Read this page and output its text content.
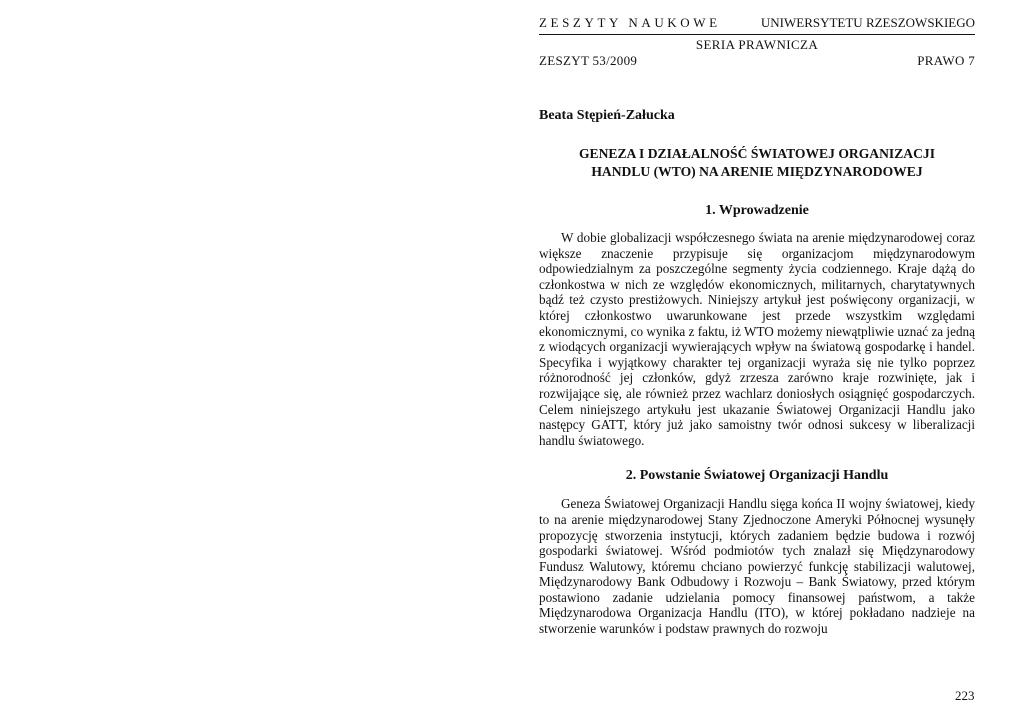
ZESZYTY NAUKOWE	UNIWERSYTETU RZESZOWSKIEGO
SERIA PRAWNICZA
ZESZYT 53/2009	PRAWO 7
Beata Stępień-Załucka
GENEZA I DZIAŁALNOŚĆ ŚWIATOWEJ ORGANIZACJI
HANDLU (WTO) NA ARENIE MIĘDZYNARODOWEJ
1. Wprowadzenie

W dobie globalizacji współczesnego świata na arenie międzynarodowej coraz większe znaczenie przypisuje się organizacjom międzynarodowym odpowiedzialnym za poszczególne segmenty życia codziennego. Kraje dążą do członkostwa w nich ze względów ekonomicznych, militarnych, charytatywnych bądź też czysto prestiżowych. Niniejszy artykuł jest poświęcony organizacji, w której członkostwo uwarunkowane jest przede wszystkim względami ekonomicznymi, co wynika z faktu, iż WTO możemy niewątpliwie uznać za jedną z wiodących organizacji wywierających wpływ na światową gospodarkę i handel. Specyfika i wyjątkowy charakter tej organizacji wyraża się nie tylko poprzez różnorodność jej członków, gdyż zrzesza zarówno kraje rozwinięte, jak i rozwijające się, ale również przez wachlarz doniosłych osiągnięć gospodarczych. Celem niniejszego artykułu jest ukazanie Światowej Organizacji Handlu jako następcy GATT, który już jako samoistny twór odnosi sukcesy w liberalizacji handlu światowego.

2. Powstanie Światowej Organizacji Handlu

Geneza Światowej Organizacji Handlu sięga końca II wojny światowej, kiedy to na arenie międzynarodowej Stany Zjednoczone Ameryki Północnej wysunęły propozycję stworzenia instytucji, których zadaniem będzie budowa i rozwój gospodarki światowej. Wśród podmiotów tych znalazł się Międzynarodowy Fundusz Walutowy, któremu chciano powierzyć funkcję stabilizacji walutowej, Międzynarodowy Bank Odbudowy i Rozwoju – Bank Światowy, przed którym postawiono zadanie udzielania pomocy finansowej państwom, a także Międzynarodowa Organizacja Handlu (ITO), w której pokładano nadzieje na stworzenie warunków i podstaw prawnych do rozwoju

223
